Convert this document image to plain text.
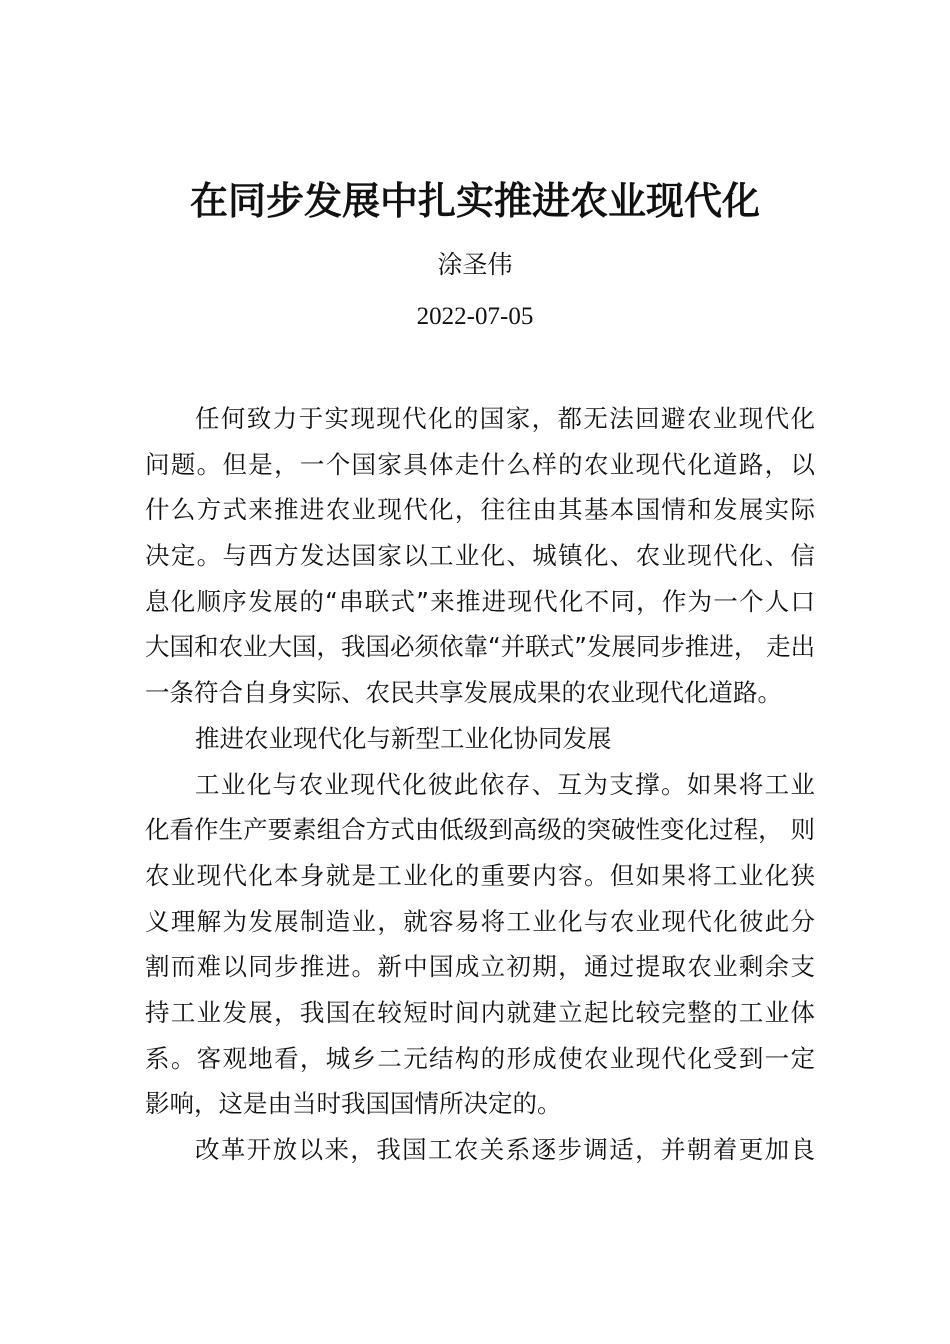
在同步发展中扎实推进农业现代化
涂圣伟
2022-07-05
任何致力于实现现代化的国家，都无法回避农业现代化
问题。但是，一个国家具体走什么样的农业现代化道路，以
什么方式来推进农业现代化，往往由其基本国情和发展实际
决定。与西方发达国家以工业化、城镇化、农业现代化、信
息化顺序发展的“串联式”来推进现代化不同，作为一个人口
大国和农业大国，我国必须依靠“并联式”发展同步推进， 走出
一条符合自身实际、农民共享发展成果的农业现代化道路。
推进农业现代化与新型工业化协同发展
工业化与农业现代化彼此依存、互为支撑。如果将工业
化看作生产要素组合方式由低级到高级的突破性变化过程， 则
农业现代化本身就是工业化的重要内容。但如果将工业化狭
义理解为发展制造业，就容易将工业化与农业现代化彼此分
割而难以同步推进。新中国成立初期，通过提取农业剩余支
持工业发展，我国在较短时间内就建立起比较完整的工业体
系。客观地看，城乡二元结构的形成使农业现代化受到一定
影响，这是由当时我国国情所决定的。
改革开放以来，我国工农关系逐步调适，并朝着更加良
